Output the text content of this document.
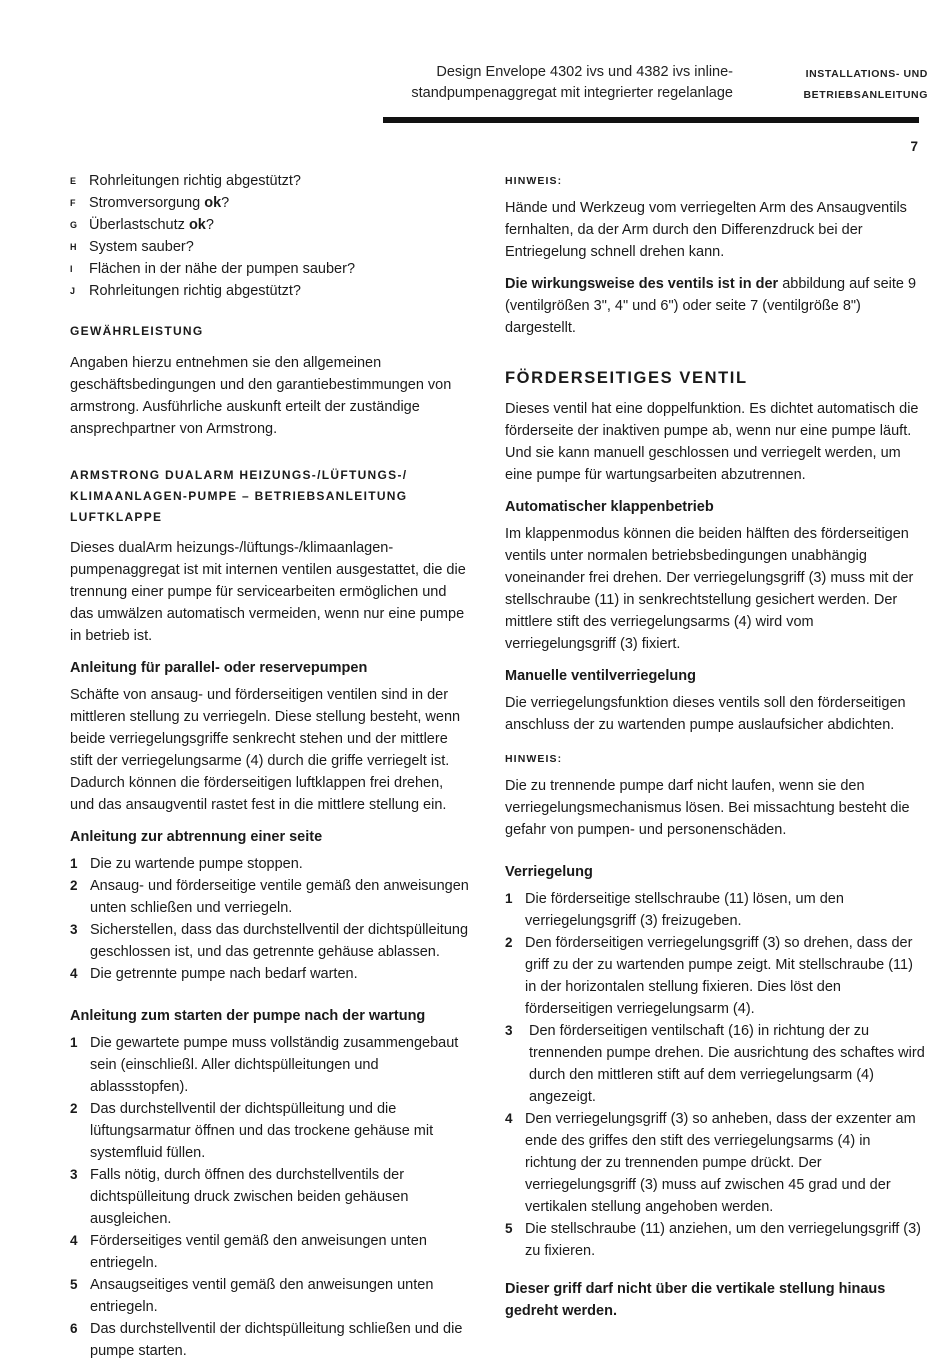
Design Envelope 4302 ivs und 4382 ivs inline-
standpumpenaggregat mit integrierter regelanlage
INSTALLATIONS- UND
BETRIEBSANLEITUNG
7
E Rohrleitungen richtig abgestützt?
F Stromversorgung ok?
G Überlastschutz ok?
H System sauber?
I Flächen in der nähe der pumpen sauber?
J Rohrleitungen richtig abgestützt?
GEWÄHRLEISTUNG

Angaben hierzu entnehmen sie den allgemeinen geschäftsbedingungen und den garantiebestimmungen von armstrong. Ausführliche auskunft erteilt der zuständige ansprechpartner von Armstrong.

ARMSTRONG DUALARM HEIZUNGS-/LÜFTUNGS-/
KLIMAANLAGEN-PUMPE – BETRIEBSANLEITUNG
LUFTKLAPPE

Dieses dualArm heizungs-/lüftungs-/klimaanlagen-pumpenaggregat ist mit internen ventilen ausgestattet, die die trennung einer pumpe für servicearbeiten ermöglichen und das umwälzen automatisch vermeiden, wenn nur eine pumpe in betrieb ist.

Anleitung für parallel- oder reservepumpen

Schäfte von ansaug- und förderseitigen ventilen sind in der mittleren stellung zu verriegeln. Diese stellung besteht, wenn beide verriegelungsgriffe senkrecht stehen und der mittlere stift der verriegelungsarme (4) durch die griffe verriegelt ist. Dadurch können die förderseitigen luftklappen frei drehen, und das ansaugventil rastet fest in die mittlere stellung ein.

Anleitung zur abtrennung einer seite
1 Die zu wartende pumpe stoppen.
2 Ansaug- und förderseitige ventile gemäß den anweisungen unten schließen und verriegeln.
3 Sicherstellen, dass das durchstellventil der dichtspülleitung geschlossen ist, und das getrennte gehäuse ablassen.
4 Die getrennte pumpe nach bedarf warten.
Anleitung zum starten der pumpe nach der wartung
1 Die gewartete pumpe muss vollständig zusammengebaut sein (einschließl. Aller dichtspülleitungen und ablassstopfen).
2 Das durchstellventil der dichtspülleitung und die lüftungsarmatur öffnen und das trockene gehäuse mit systemfluid füllen.
3 Falls nötig, durch öffnen des durchstellventils der dichtspülleitung druck zwischen beiden gehäusen ausgleichen.
4 Förderseitiges ventil gemäß den anweisungen unten entriegeln.
5 Ansaugseitiges ventil gemäß den anweisungen unten entriegeln.
6 Das durchstellventil der dichtspülleitung schließen und die pumpe starten.
HINWEIS:

Hände und Werkzeug vom verriegelten Arm des Ansaugventils fernhalten, da der Arm durch den Differenzdruck bei der Entriegelung schnell drehen kann.

Die wirkungsweise des ventils ist in der abbildung auf seite 9 (ventilgrößen 3", 4" und 6") oder seite 7 (ventilgröße 8") dargestellt.

FÖRDERSEITIGES VENTIL

Dieses ventil hat eine doppelfunktion. Es dichtet automatisch die förderseite der inaktiven pumpe ab, wenn nur eine pumpe läuft. Und sie kann manuell geschlossen und verriegelt werden, um eine pumpe für wartungsarbeiten abzutrennen.

Automatischer klappenbetrieb

Im klappenmodus können die beiden hälften des förderseitigen ventils unter normalen betriebsbedingungen unabhängig voneinander frei drehen. Der verriegelungsgriff (3) muss mit der stellschraube (11) in senkrechtstellung gesichert werden. Der mittlere stift des verriegelungsarms (4) wird vom verriegelungsgriff (3) fixiert.

Manuelle ventilverriegelung

Die verriegelungsfunktion dieses ventils soll den förderseitigen anschluss der zu wartenden pumpe auslaufsicher abdichten.

HINWEIS:

Die zu trennende pumpe darf nicht laufen, wenn sie den verriegelungsmechanismus lösen. Bei missachtung besteht die gefahr von pumpen- und personenschäden.

Verriegelung
1 Die förderseitige stellschraube (11) lösen, um den verriegelungsgriff (3) freizugeben.
2 Den förderseitigen verriegelungsgriff (3) so drehen, dass der griff zu der zu wartenden pumpe zeigt. Mit stellschraube (11) in der horizontalen stellung fixieren. Dies löst den förderseitigen verriegelungsarm (4).
3 Den förderseitigen ventilschaft (16) in richtung der zu trennenden pumpe drehen. Die ausrichtung des schaftes wird durch den mittleren stift auf dem verriegelungsarm (4) angezeigt.
4 Den verriegelungsgriff (3) so anheben, dass der exzenter am ende des griffes den stift des verriegelungsarms (4) in richtung der zu trennenden pumpe drückt. Der verriegelungsgriff (3) muss auf zwischen 45 grad und der vertikalen stellung angehoben werden.
5 Die stellschraube (11) anziehen, um den verriegelungsgriff (3) zu fixieren.

Dieser griff darf nicht über die vertikale stellung hinaus gedreht werden.
